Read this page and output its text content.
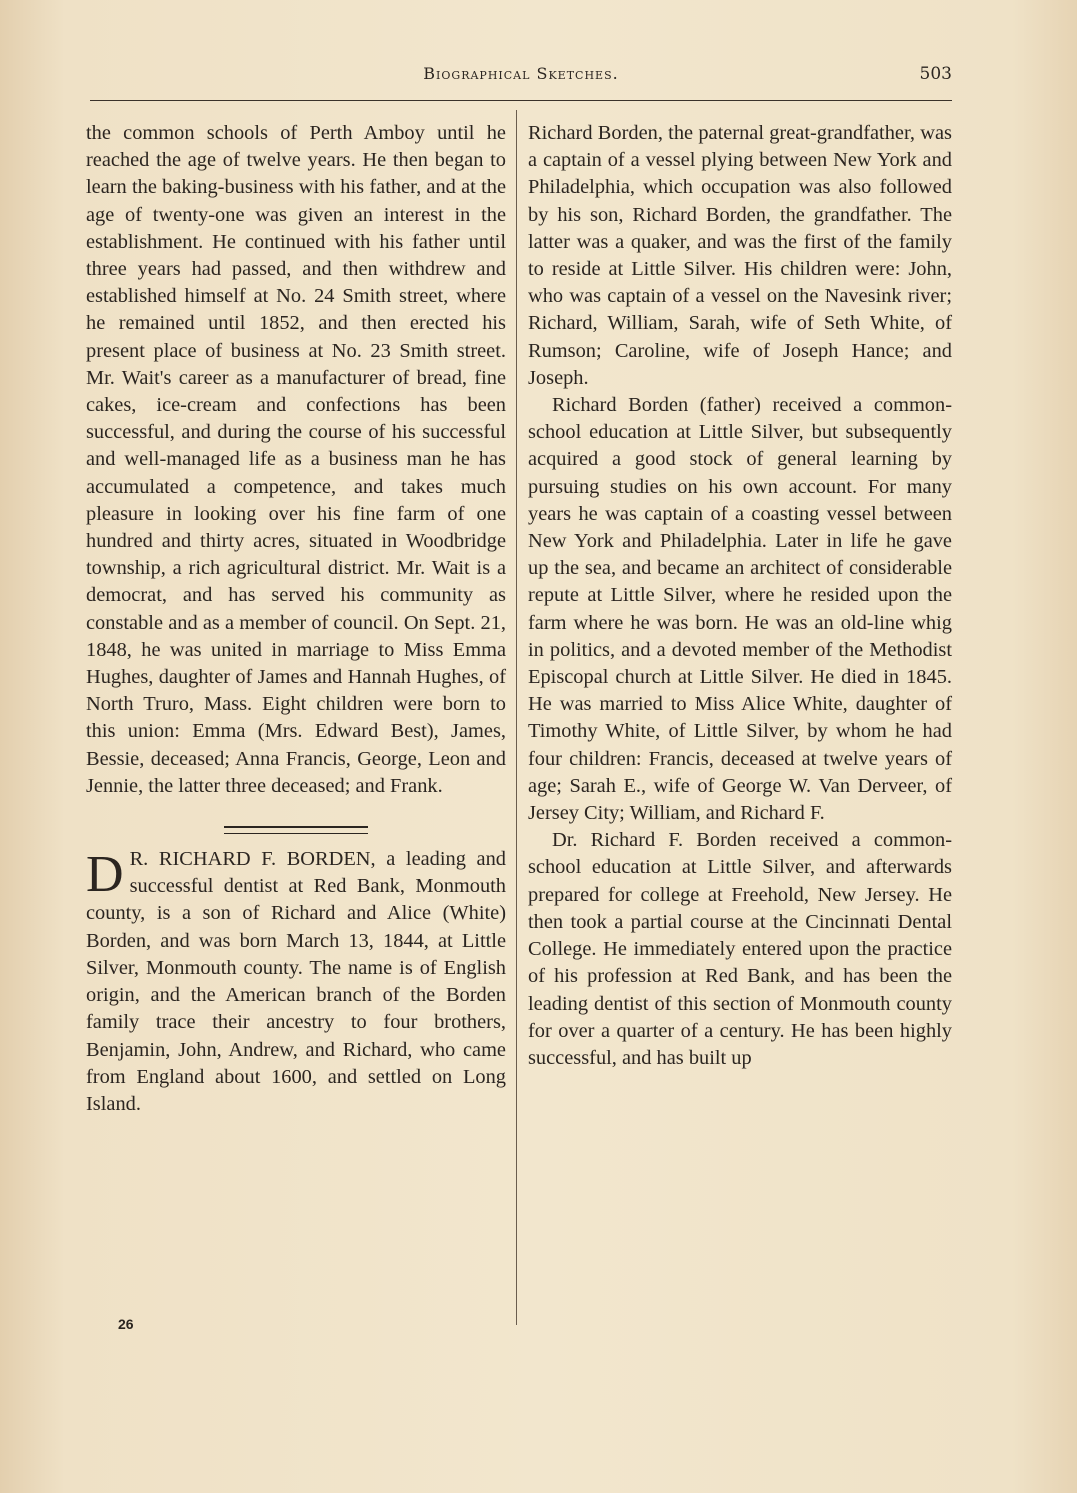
Biographical Sketches.	503

the common schools of Perth Amboy until he reached the age of twelve years. He then began to learn the baking-business with his father, and at the age of twenty-one was given an interest in the establishment. He continued with his father until three years had passed, and then withdrew and established himself at No. 24 Smith street, where he remained until 1852, and then erected his present place of business at No. 23 Smith street. Mr. Wait's career as a manufacturer of bread, fine cakes, ice-cream and confections has been successful, and during the course of his successful and well-managed life as a business man he has accumulated a competence, and takes much pleasure in looking over his fine farm of one hundred and thirty acres, situated in Woodbridge township, a rich agricultural district. Mr. Wait is a democrat, and has served his community as constable and as a member of council. On Sept. 21, 1848, he was united in marriage to Miss Emma Hughes, daughter of James and Hannah Hughes, of North Truro, Mass. Eight children were born to this union: Emma (Mrs. Edward Best), James, Bessie, deceased; Anna Francis, George, Leon and Jennie, the latter three deceased; and Frank.

D R. RICHARD F. BORDEN, a leading and successful dentist at Red Bank, Monmouth county, is a son of Richard and Alice (White) Borden, and was born March 13, 1844, at Little Silver, Monmouth county. The name is of English origin, and the American branch of the Borden family trace their ancestry to four brothers, Benjamin, John, Andrew, and Richard, who came from England about 1600, and settled on Long Island.

Richard Borden, the paternal great-grandfather, was a captain of a vessel plying between New York and Philadelphia, which occupation was also followed by his son, Richard Borden, the grandfather. The latter was a quaker, and was the first of the family to reside at Little Silver. His children were: John, who was captain of a vessel on the Navesink river; Richard, William, Sarah, wife of Seth White, of Rumson; Caroline, wife of Joseph Hance; and Joseph.

Richard Borden (father) received a common-school education at Little Silver, but subsequently acquired a good stock of general learning by pursuing studies on his own account. For many years he was captain of a coasting vessel between New York and Philadelphia. Later in life he gave up the sea, and became an architect of considerable repute at Little Silver, where he resided upon the farm where he was born. He was an old-line whig in politics, and a devoted member of the Methodist Episcopal church at Little Silver. He died in 1845. He was married to Miss Alice White, daughter of Timothy White, of Little Silver, by whom he had four children: Francis, deceased at twelve years of age; Sarah E., wife of George W. Van Derveer, of Jersey City; William, and Richard F.

Dr. Richard F. Borden received a common-school education at Little Silver, and afterwards prepared for college at Freehold, New Jersey. He then took a partial course at the Cincinnati Dental College. He immediately entered upon the practice of his profession at Red Bank, and has been the leading dentist of this section of Monmouth county for over a quarter of a century. He has been highly successful, and has built up

26
